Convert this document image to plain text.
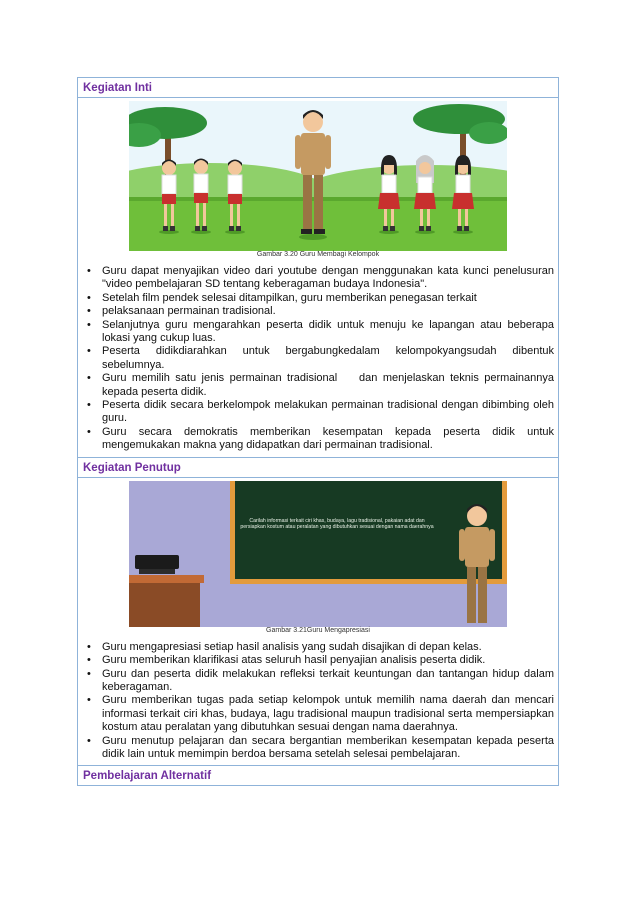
Kegiatan Inti
Gambar 3.20 Guru Membagi Kelompok
• Guru dapat menyajikan video dari youtube dengan menggunakan kata kunci penelusuran "video pembelajaran SD tentang keberagaman budaya Indonesia".
• Setelah film pendek selesai ditampilkan, guru memberikan penegasan terkait
• pelaksanaan permainan tradisional.
• Selanjutnya guru mengarahkan peserta didik untuk menuju ke lapangan atau beberapa lokasi yang cukup luas.
• Peserta didikdiarahkan untuk bergabungkedalam kelompokyangsudah dibentuk sebelumnya.
• Guru memilih satu jenis permainan tradisional    dan menjelaskan teknis permainannya kepada peserta didik.
• Peserta didik secara berkelompok melakukan permainan tradisional dengan dibimbing oleh guru.
• Guru secara demokratis memberikan kesempatan kepada peserta didik untuk mengemukakan makna yang didapatkan dari permainan tradisional.
Kegiatan Penutup
Carilah informasi terkait ciri khas, budaya, lagu tradisional, pakaian adat dan persiapkan kostum atau peralatan yang dibutuhkan sesuai dengan nama daerahnya
Gambar 3.21Guru Mengapresiasi
• Guru mengapresiasi setiap hasil analisis yang sudah disajikan di depan kelas.
• Guru memberikan klarifikasi atas seluruh hasil penyajian analisis peserta didik.
• Guru dan peserta didik melakukan refleksi terkait keuntungan dan tantangan hidup dalam keberagaman.
• Guru memberikan tugas pada setiap kelompok untuk memilih nama daerah dan mencari informasi terkait ciri khas, budaya, lagu tradisional maupun tradisional serta mempersiapkan kostum atau peralatan yang dibutuhkan sesuai dengan nama daerahnya.
• Guru menutup pelajaran dan secara bergantian memberikan kesempatan kepada peserta didik lain untuk memimpin berdoa bersama setelah selesai pembelajaran.
Pembelajaran Alternatif
